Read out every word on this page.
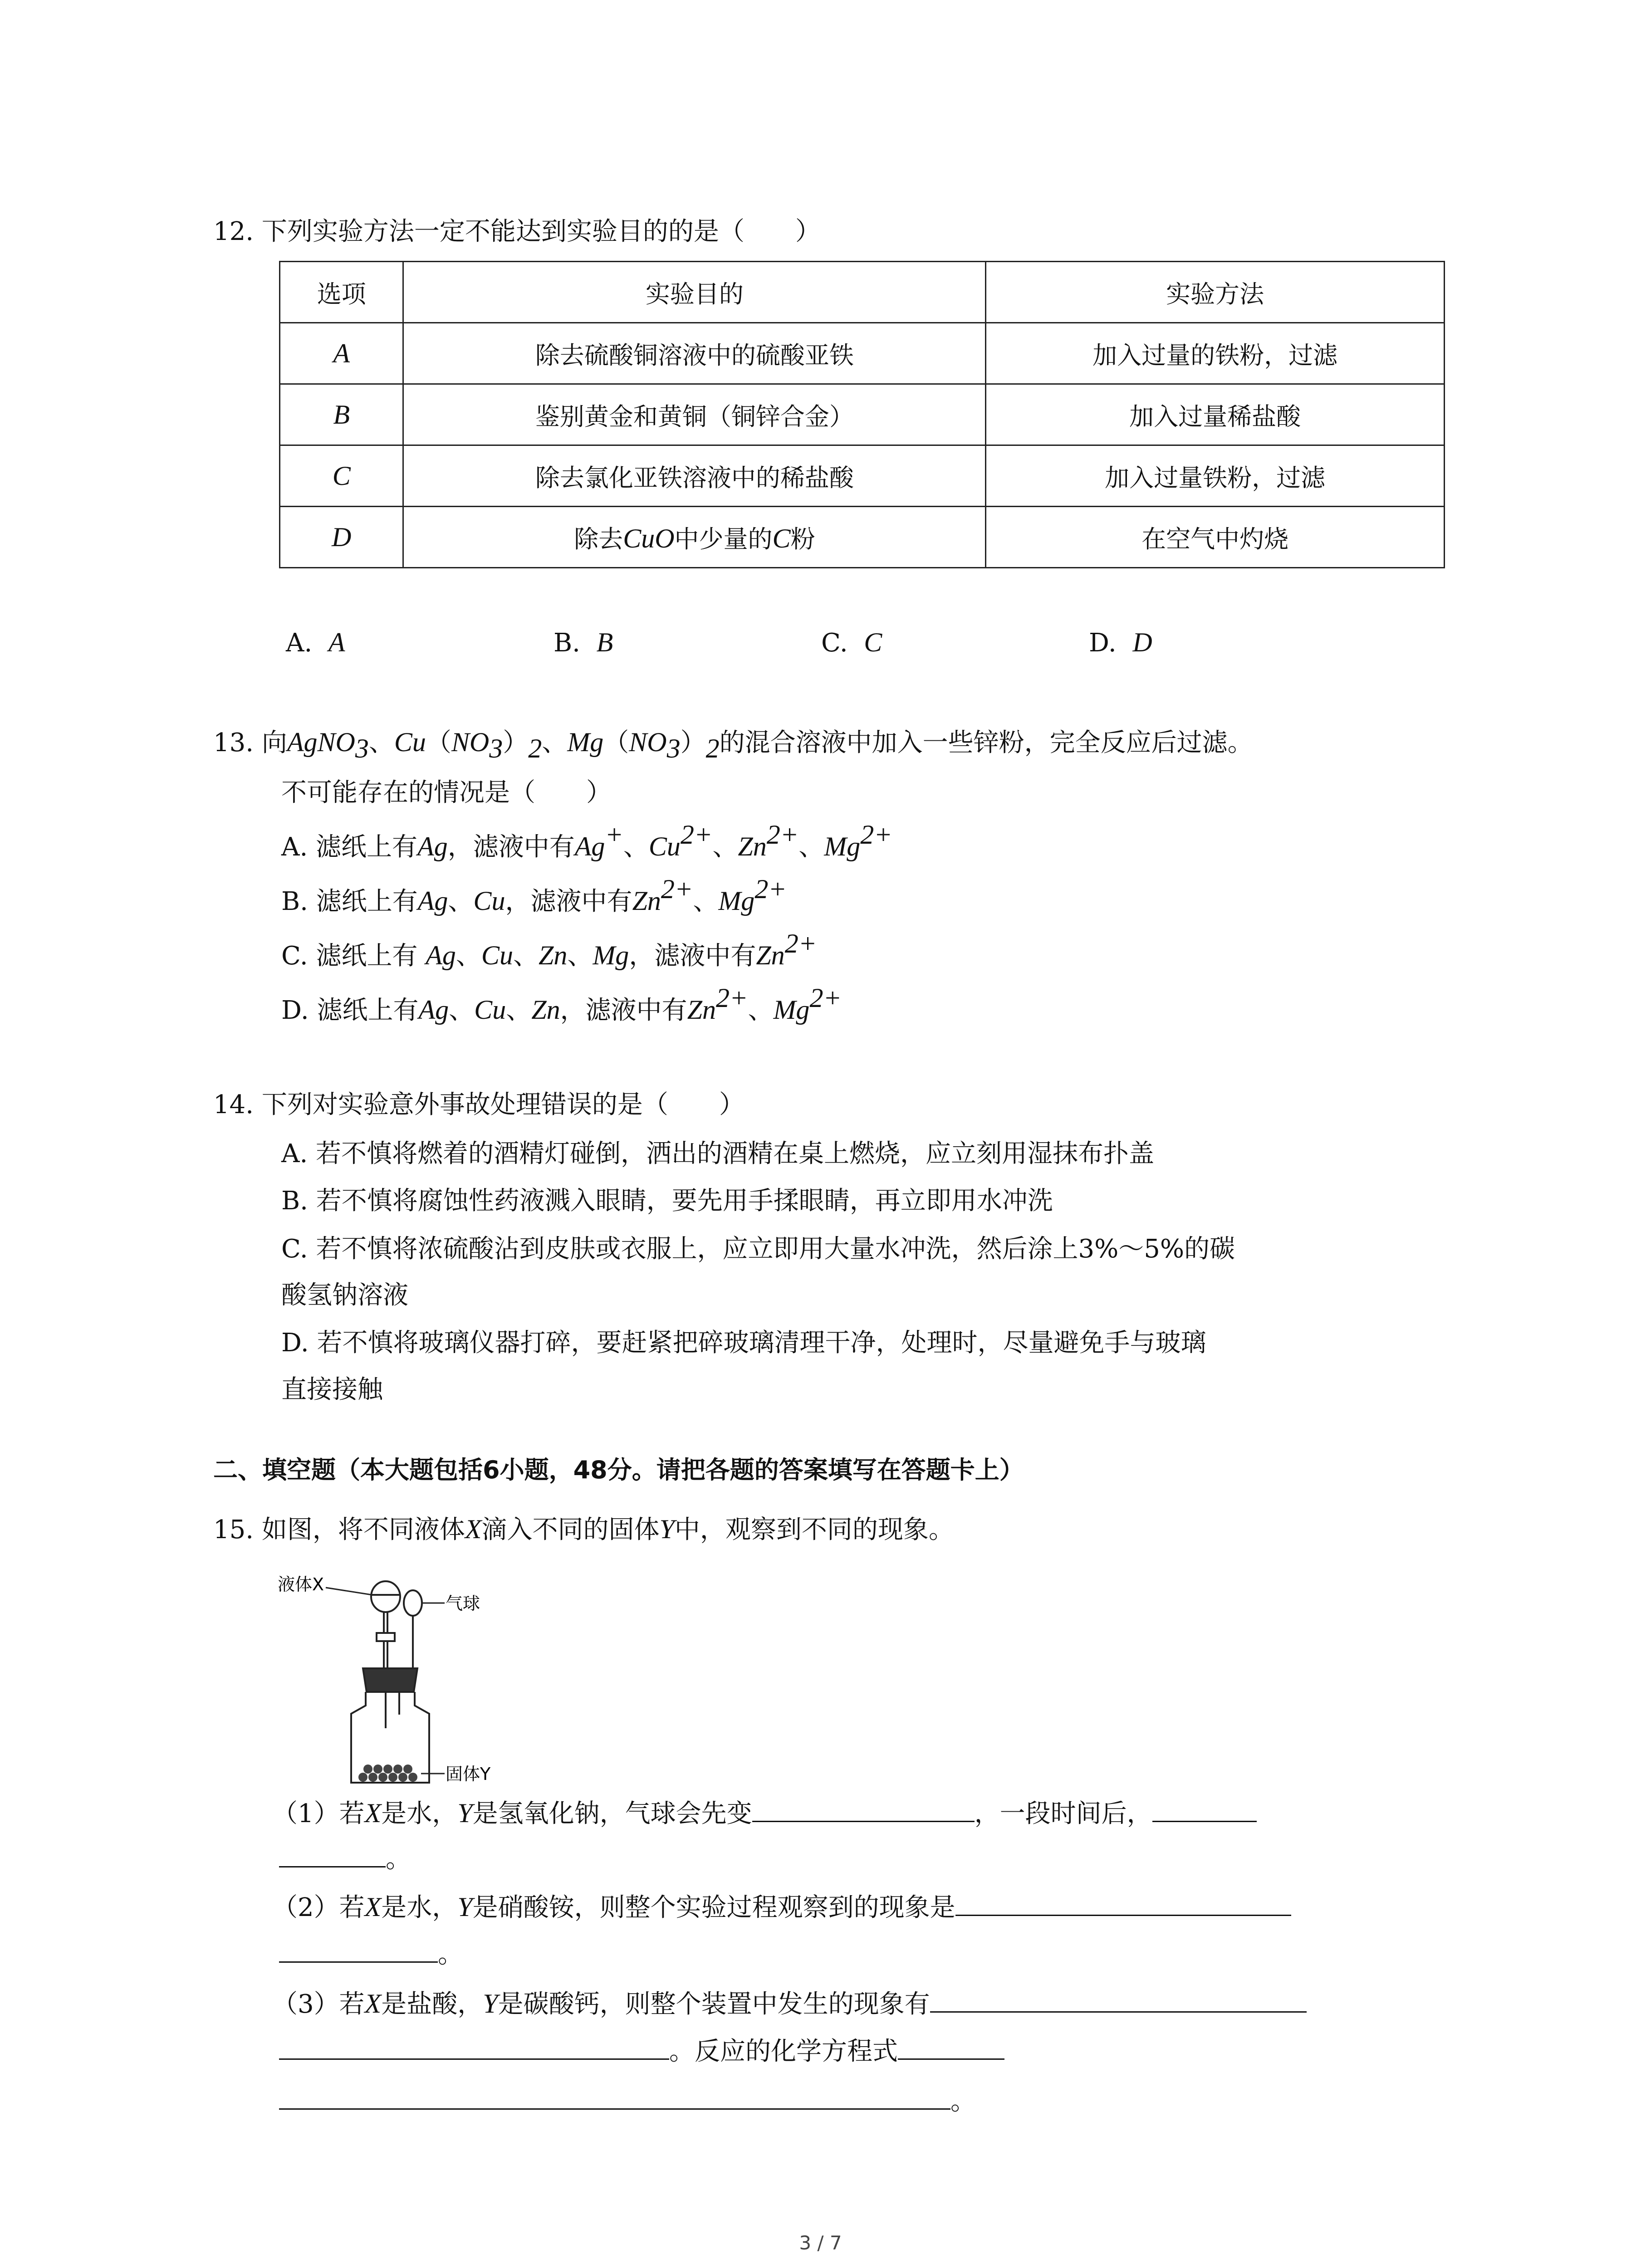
12. 下列实验方法一定不能达到实验目的的是（　　）
选项	实验目的	实验方法
A	除去硫酸铜溶液中的硫酸亚铁	加入过量的铁粉，过滤
B	鉴别黄金和黄铜（铜锌合金）	加入过量稀盐酸
C	除去氯化亚铁溶液中的稀盐酸	加入过量铁粉，过滤
D	除去CuO中少量的C粉	在空气中灼烧
A. A	B. B	C. C	D. D
13. 向AgNO$_3$、$Cu(NO_3)_2$、$Mg(NO_3)_2$的混合溶液中加入一些锌粉，完全反应后过滤。
不可能存在的情况是（　　）
A. 滤纸上有Ag，滤液中有Ag+、$Cu^{2+}$、$Zn^{2+}$、$Mg^{2+}$
B. 滤纸上有Ag、Cu，滤液中有$Zn^{2+}$、$Mg^{2+}$
C. 滤纸上有 Ag、Cu、Zn、Mg，滤液中有$Zn^{2+}$
D. 滤纸上有Ag、Cu、Zn，滤液中有$Zn^{2+}$、$Mg^{2+}$
14. 下列对实验意外事故处理错误的是（　　）
A. 若不慎将燃着的酒精灯碰倒，洒出的酒精在桌上燃烧，应立刻用湿抹布扑盖
B. 若不慎将腐蚀性药液溅入眼睛，要先用手揉眼睛，再立即用水冲洗
C. 若不慎将浓硫酸沾到皮肤或衣服上，应立即用大量水冲洗，然后涂上3%～5%的碳
酸氢钠溶液
D. 若不慎将玻璃仪器打碎，要赶紧把碎玻璃清理干净，处理时，尽量避免手与玻璃
直接接触
二、填空题（本大题包括6小题，48分。请把各题的答案填写在答题卡上）
15. 如图，将不同液体X滴入不同的固体Y中，观察到不同的现象。
液体X
气球
固体Y
（1）若X是水，Y是氢氧化钠，气球会先变	，一段时间后，
。
（2）若X是水，Y是硝酸铵，则整个实验过程观察到的现象是
。
（3）若X是盐酸，Y是碳酸钙，则整个装置中发生的现象有
。反应的化学方程式
。
3 / 7
